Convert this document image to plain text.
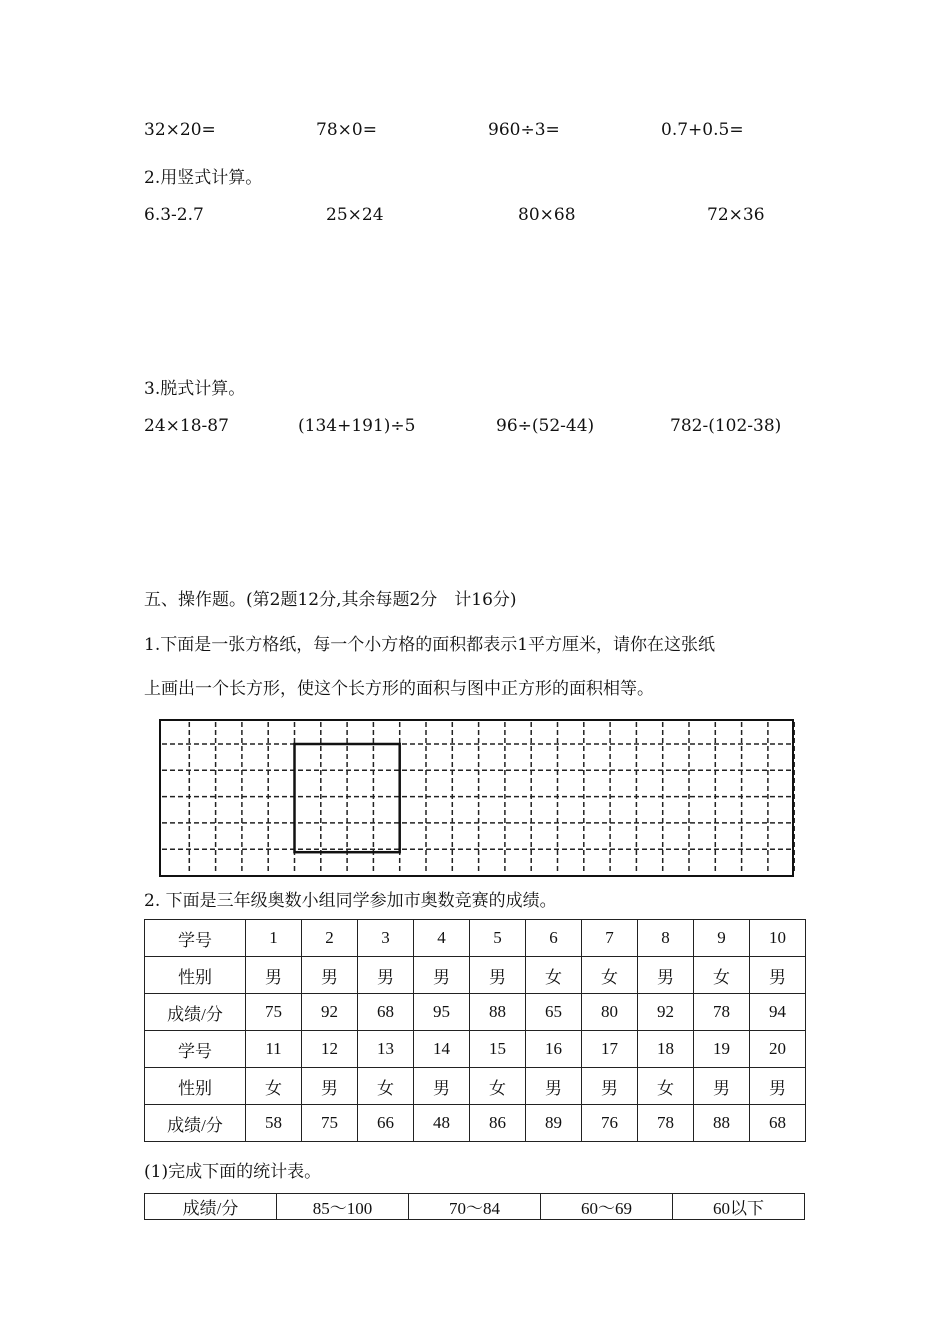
32×20=	78×0=	960÷3=	0.7+0.5=
2.用竖式计算。
6.3-2.7	25×24	80×68	72×36
3.脱式计算。
24×18-87	(134+191)÷5	96÷(52-44)	782-(102-38)
五、操作题。(第2题12分,其余每题2分　计16分)
1.下面是一张方格纸，每一个小方格的面积都表示1平方厘米，请你在这张纸
上画出一个长方形，使这个长方形的面积与图中正方形的面积相等。
2. 下面是三年级奥数小组同学参加市奥数竞赛的成绩。
学号	1	2	3	4	5	6	7	8	9	10
性别	男	男	男	男	男	女	女	男	女	男
成绩/分	75	92	68	95	88	65	80	92	78	94
学号	11	12	13	14	15	16	17	18	19	20
性别	女	男	女	男	女	男	男	女	男	男
成绩/分	58	75	66	48	86	89	76	78	88	68
(1)完成下面的统计表。
成绩/分	85～100	70～84	60～69	60以下
